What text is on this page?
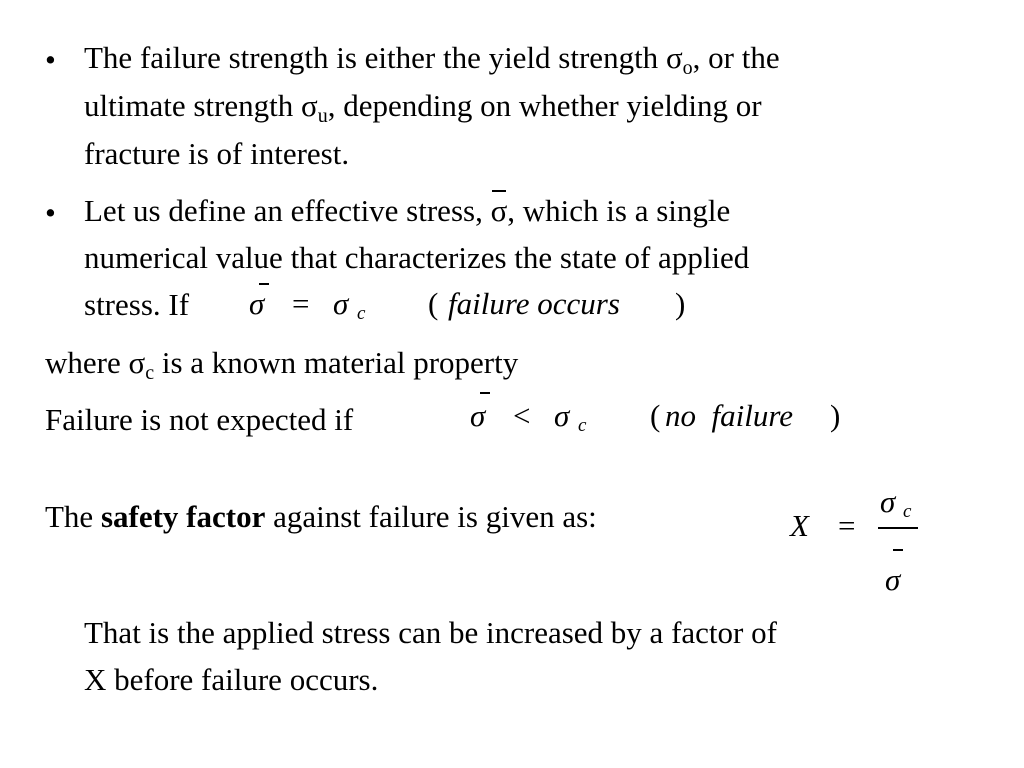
• The failure strength is either the yield strength σo, or the
ultimate strength σu, depending on whether yielding or
fracture is of interest.
• Let us define an effective stress,
σ, which is a single
numerical value that characterizes the state of applied
stress. If σ = σ c ( failure occurs )
where σc is a known material property
Failure is not expected if	σ < σ c ( no  failure )
The safety factor against failure is given as:	X =
σ c
σ
That is the applied stress can be increased by a factor of
X before failure occurs.
